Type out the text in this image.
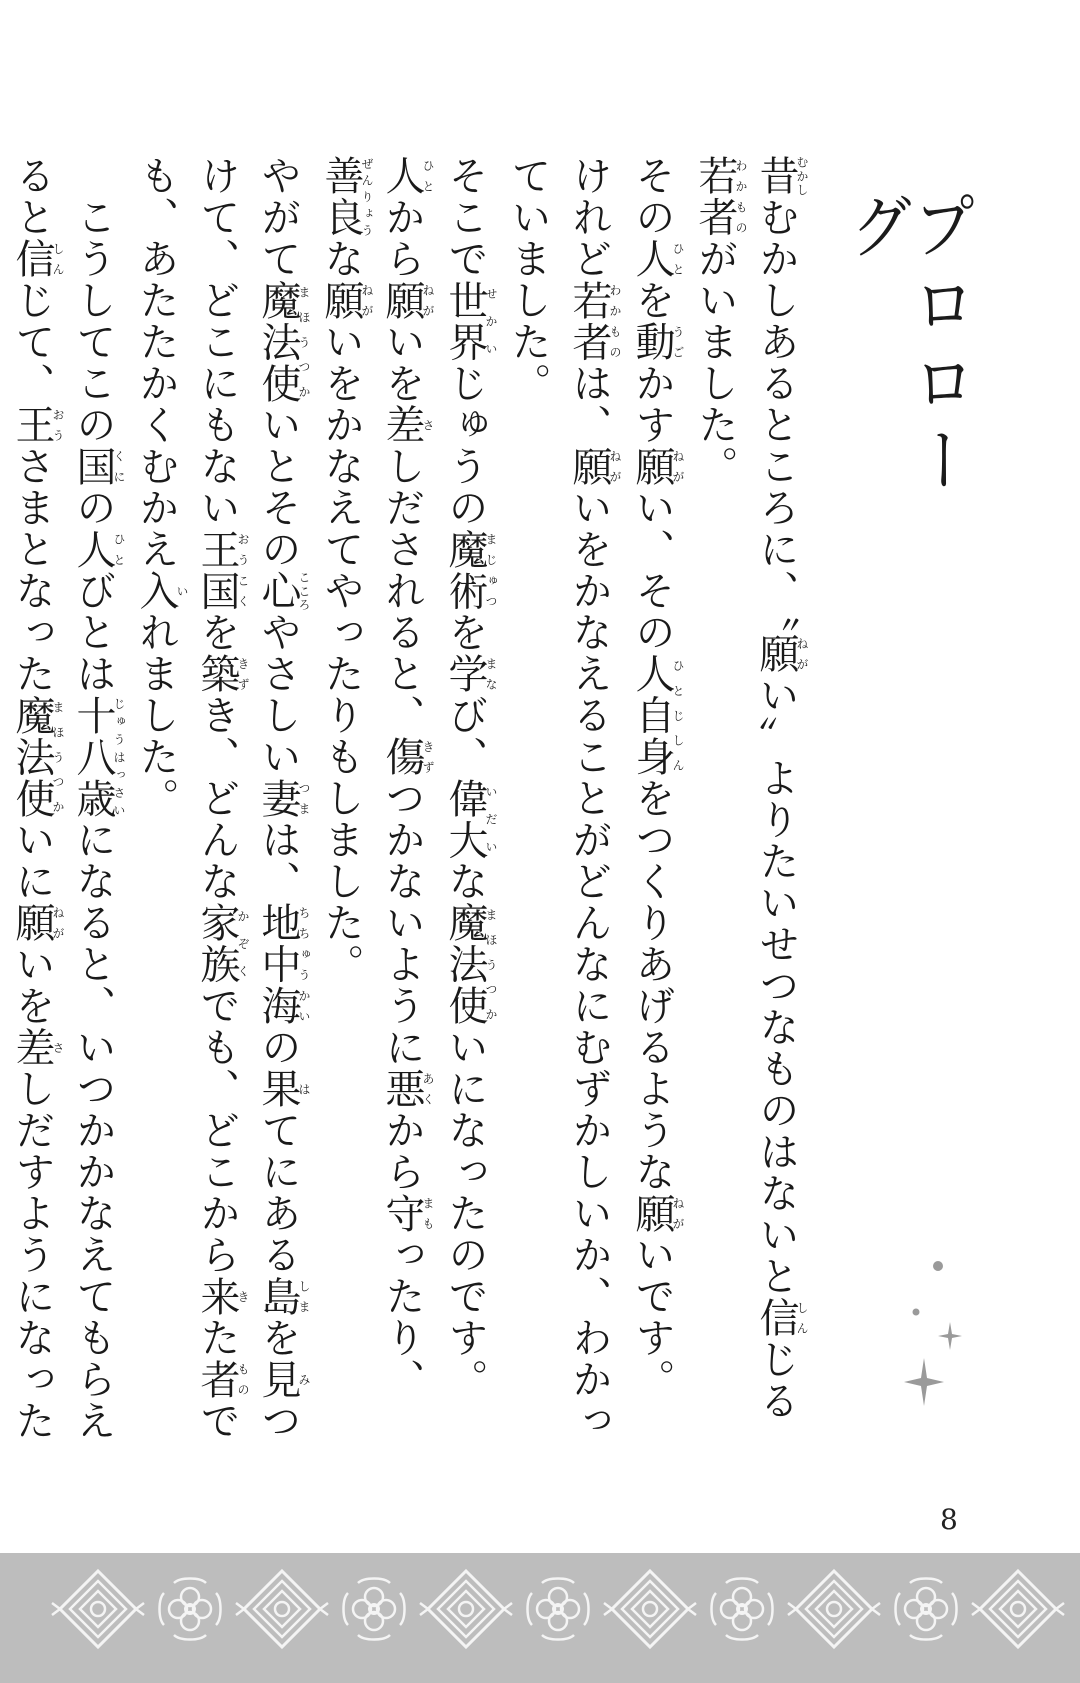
プロローグ

昔むかしむかしあるところに、〝願ねがい〟よりたいせつなものはないと信しんじる若者わかものがいました。

その人ひとを動うごかす願ねがい、その人自身ひとじしんをつくりあげるような願ねがいです。

けれど若者わかものは、願ねがいをかなえることがどんなにむずかしいか、わかっていました。

そこで世界せかいじゅうの魔術まじゅつを学まなび、偉大いだいな魔法使まほうつかいになったのです。

人ひとから願ねがいを差さしだされると、傷きずつかないように悪あくから守まもったり、善良ぜんりょうな願ねがいをかなえてやったりもしました。

やがて魔法使まほうつかいとその心こころやさしい妻つまは、地中海ちちゅうかいの果はてにある島しまを見みつけて、どこにもない王国おうこくを築きずき、どんな家族かぞくでも、どこから来きた者ものでも、あたたかくむかえ入いれました。

　こうしてこの国くにの人ひとびとは十八歳じゅうはっさいになると、いつかかなえてもらえると信しんじて、王おうさまとなった魔法使まほうつかいに願ねがいを差さしだすようになった

8
